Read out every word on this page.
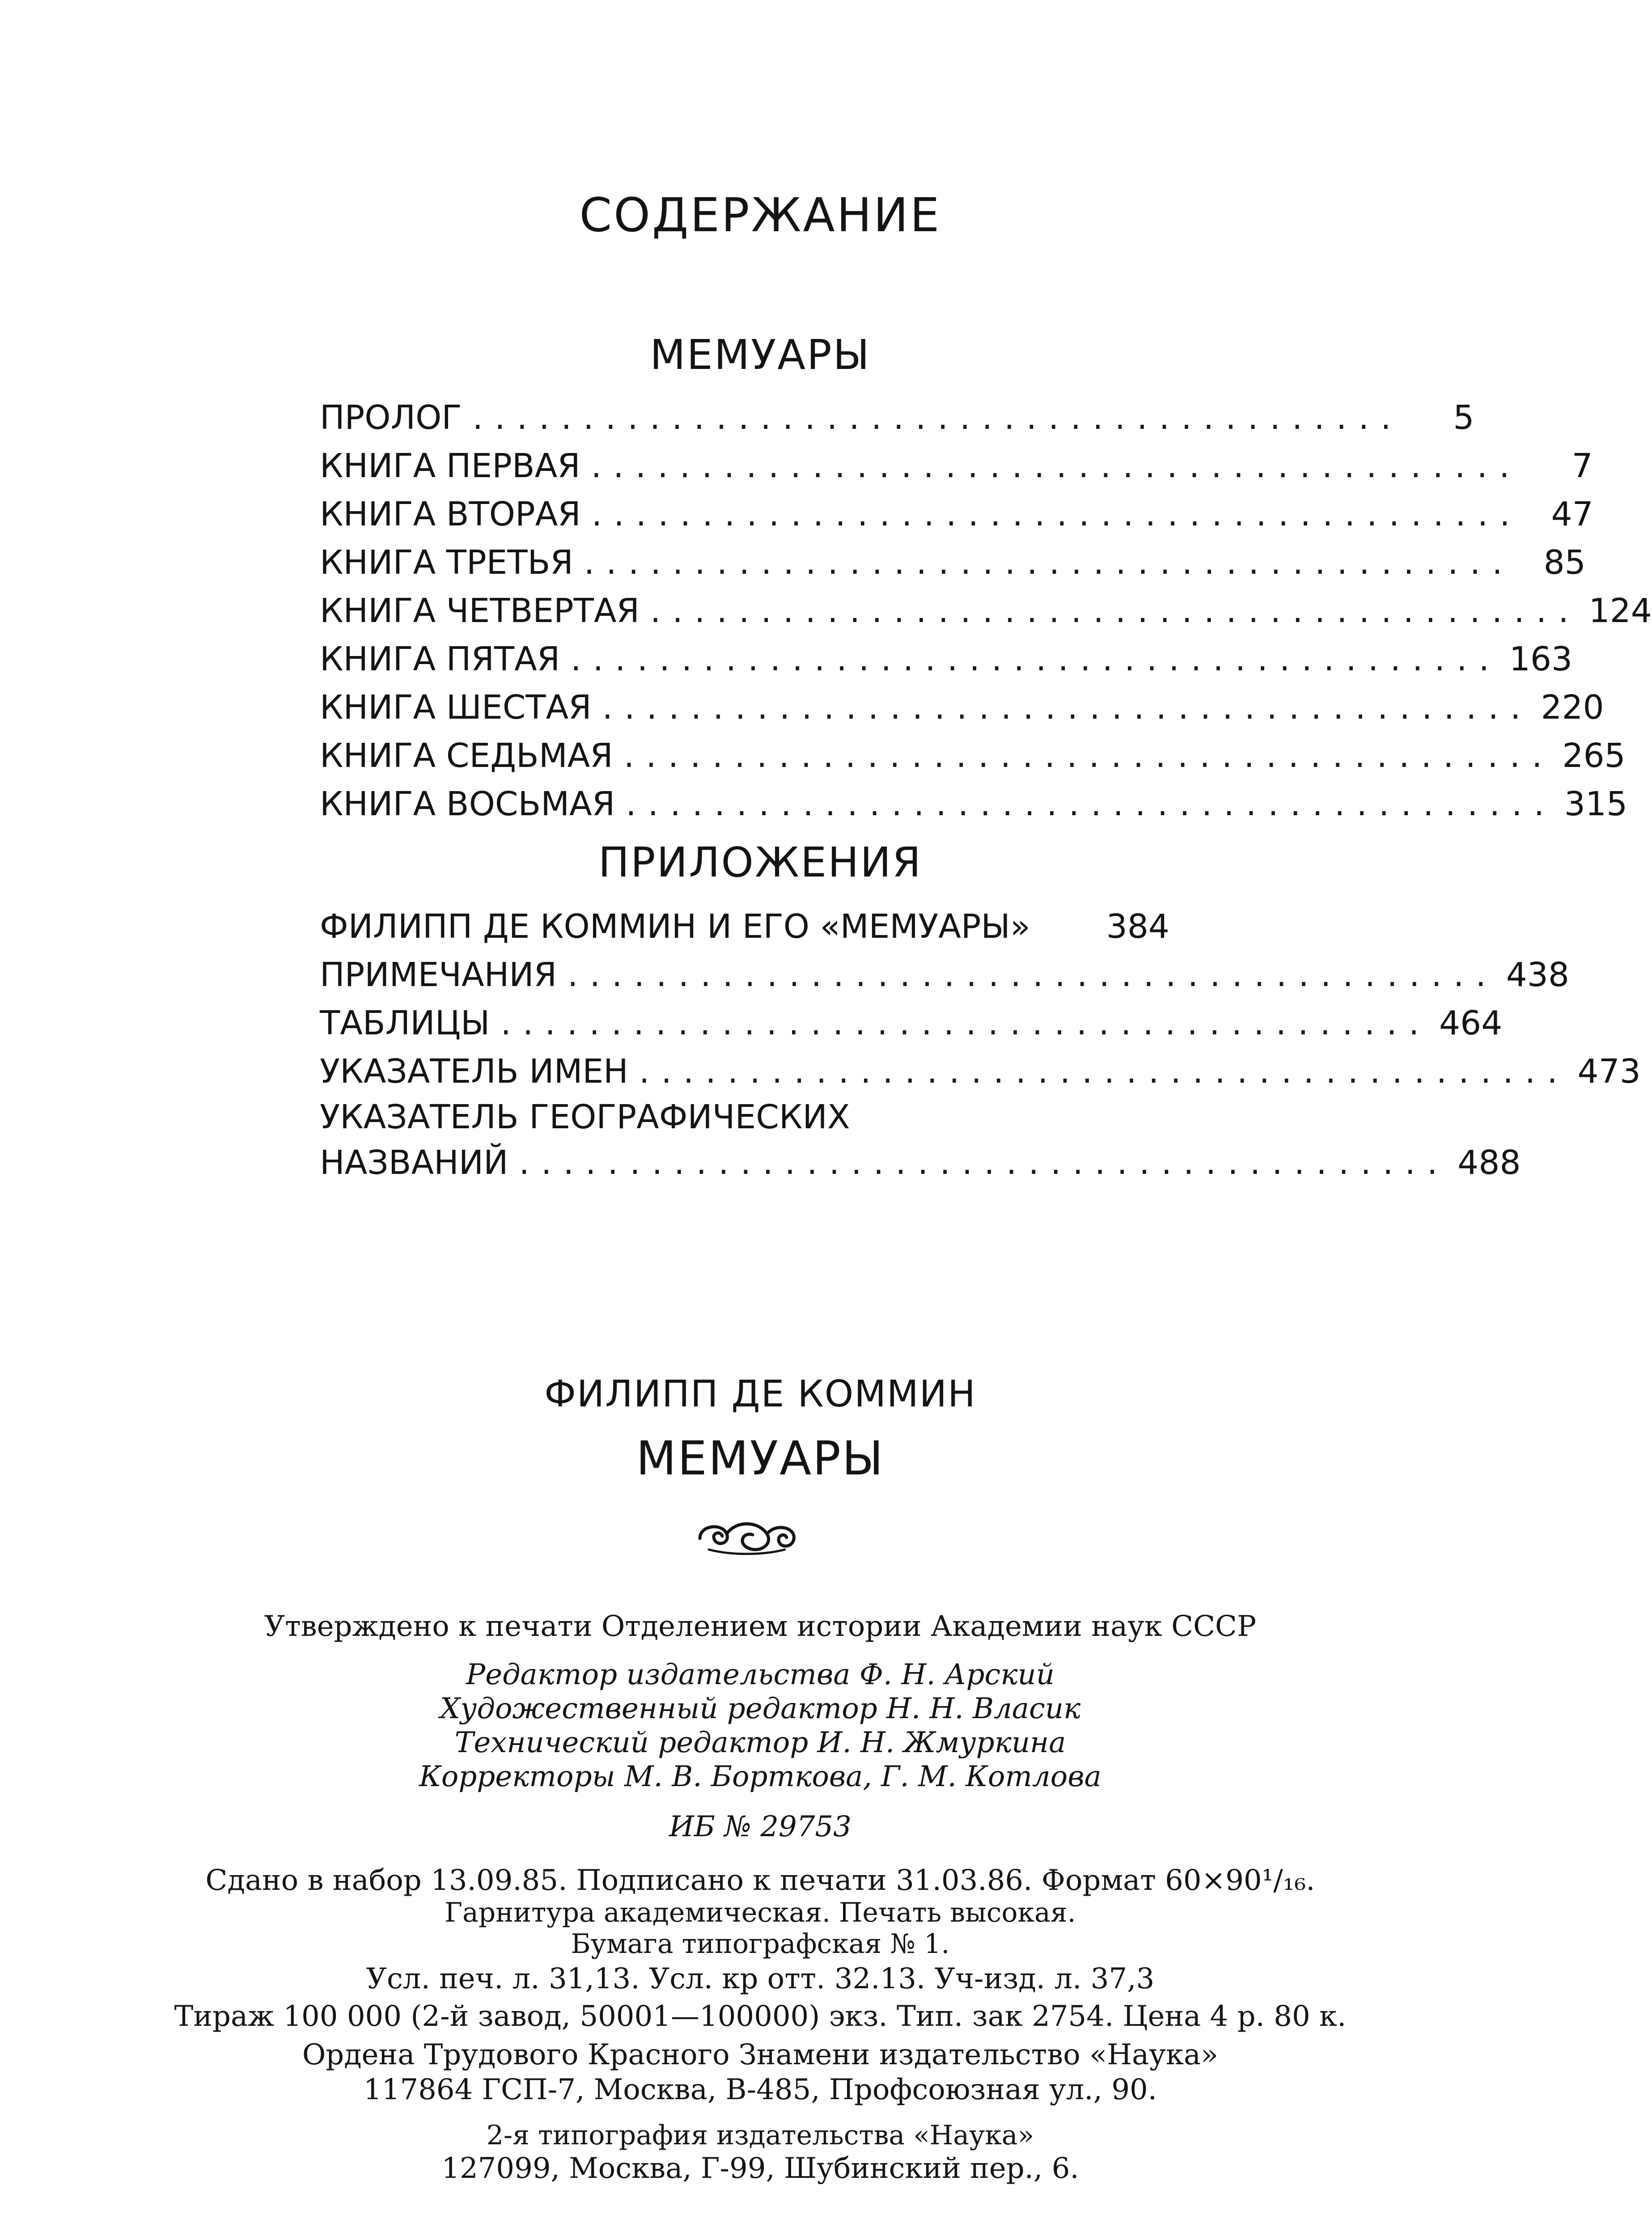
СОДЕРЖАНИЕ
МЕМУАРЫ
ПРОЛОГ ..........................................	5
КНИГА ПЕРВАЯ ..........................................	7
КНИГА ВТОРАЯ .......................................... 47
КНИГА ТРЕТЬЯ .......................................... 85
КНИГА ЧЕТВЕРТАЯ .......................................... 124
КНИГА ПЯТАЯ .......................................... 163
КНИГА ШЕСТАЯ .......................................... 220
КНИГА СЕДЬМАЯ .......................................... 265
КНИГА ВОСЬМАЯ .......................................... 315
ПРИЛОЖЕНИЯ
ФИЛИПП ДЕ КОММИН И ЕГО «МЕМУАРЫ» 384
ПРИМЕЧАНИЯ .......................................... 438
ТАБЛИЦЫ .......................................... 464
УКАЗАТЕЛЬ ИМЕН .......................................... 473
УКАЗАТЕЛЬ ГЕОГРАФИЧЕСКИХ
НАЗВАНИЙ .......................................... 488
ФИЛИПП ДЕ КОММИН
МЕМУАРЫ
Утверждено к печати Отделением истории Академии наук СССР
Редактор издательства Ф. Н. Арский
Художественный редактор Н. Н. Власик
Технический редактор И. Н. Жмуркина
Корректоры М. В. Борткова, Г. М. Котлова
ИБ № 29753
Сдано в набор 13.09.85. Подписано к печати 31.03.86. Формат 60×90¹/₁₆.
Гарнитура академическая. Печать высокая.
Бумага типографская № 1.
Усл. печ. л. 31,13. Усл. кр отт. 32.13. Уч-изд. л. 37,3
Тираж 100 000 (2-й завод, 50001—100000) экз. Тип. зак 2754. Цена 4 р. 80 к.
Ордена Трудового Красного Знамени издательство «Наука»
117864 ГСП-7, Москва, В-485, Профсоюзная ул., 90.
2-я типография издательства «Наука»
127099, Москва, Г-99, Шубинский пер., 6.
